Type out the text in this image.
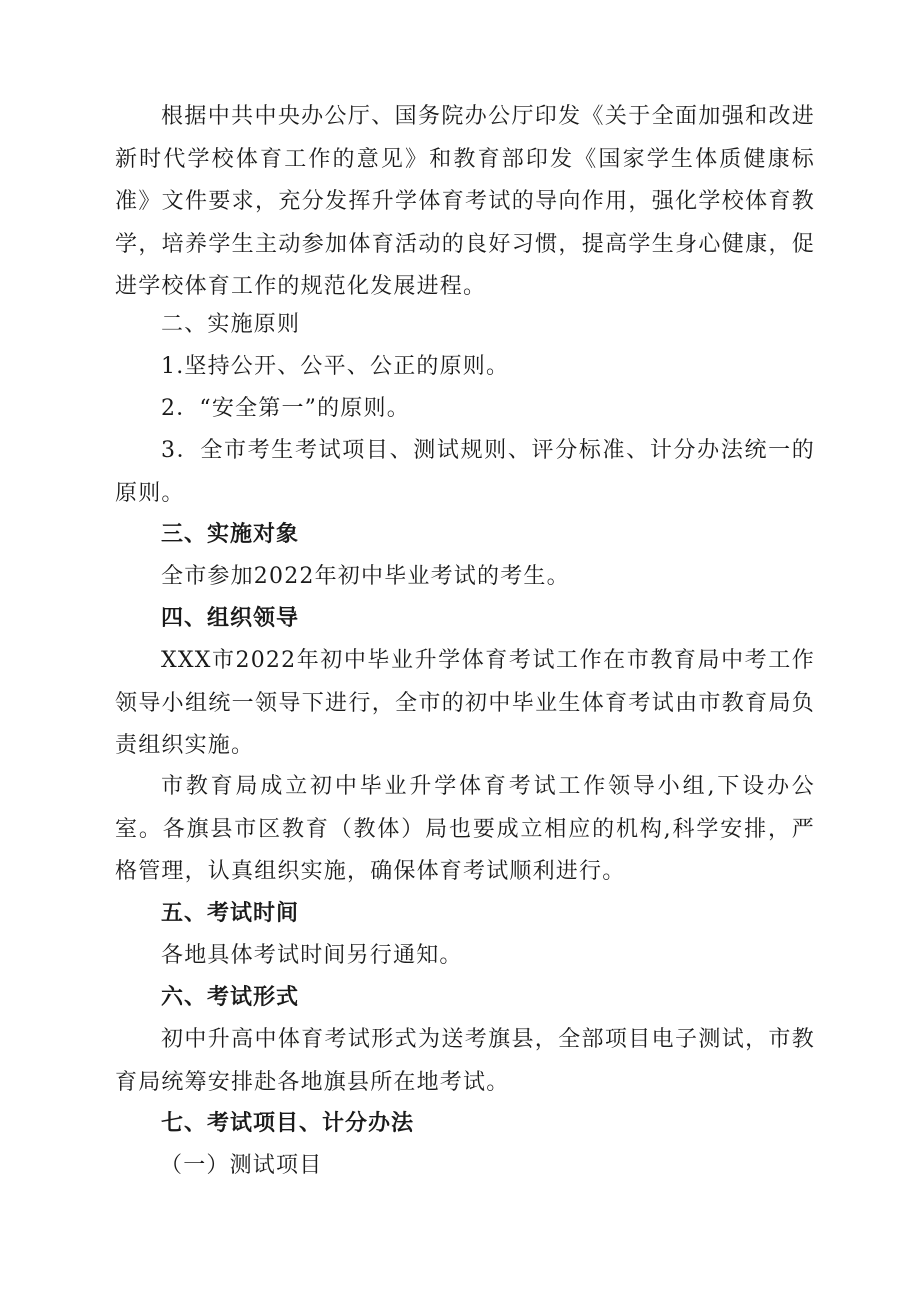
根据中共中央办公厅、国务院办公厅印发《关于全面加强和改进新时代学校体育工作的意见》和教育部印发《国家学生体质健康标准》文件要求，充分发挥升学体育考试的导向作用，强化学校体育教学，培养学生主动参加体育活动的良好习惯，提高学生身心健康，促进学校体育工作的规范化发展进程。

二、实施原则

1.坚持公开、公平、公正的原则。

2．“安全第一”的原则。

3．全市考生考试项目、测试规则、评分标准、计分办法统一的原则。

三、实施对象

全市参加2022年初中毕业考试的考生。

四、组织领导

XXX市2022年初中毕业升学体育考试工作在市教育局中考工作领导小组统一领导下进行，全市的初中毕业生体育考试由市教育局负责组织实施。

市教育局成立初中毕业升学体育考试工作领导小组,下设办公室。各旗县市区教育（教体）局也要成立相应的机构,科学安排，严格管理，认真组织实施，确保体育考试顺利进行。

五、考试时间

各地具体考试时间另行通知。

六、考试形式

初中升高中体育考试形式为送考旗县，全部项目电子测试，市教育局统筹安排赴各地旗县所在地考试。

七、考试项目、计分办法

（一）测试项目
